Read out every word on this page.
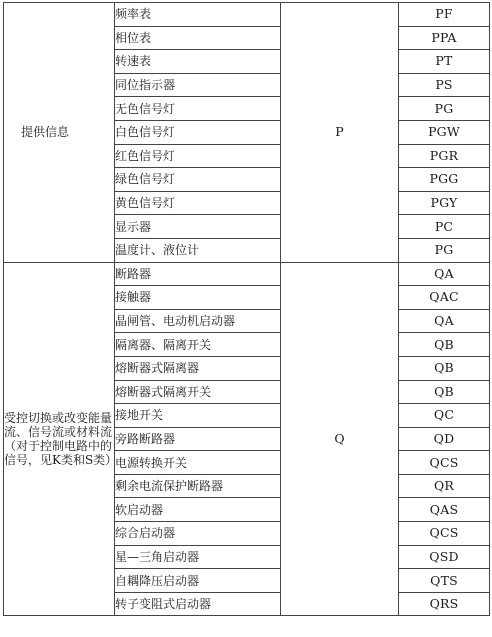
提供信息	频率表	P	PF
	相位表		PPA
	转速表		PT
	同位指示器		PS
	无色信号灯		PG
	白色信号灯		PGW
	红色信号灯		PGR
	绿色信号灯		PGG
	黄色信号灯		PGY
	显示器		PC
	温度计、液位计		PG
受控切换或改变能量流、信号流或材料流（对于控制电路中的信号，见K类和S类）	断路器	Q	QA
	接触器		QAC
	晶闸管、电动机启动器		QA
	隔离器、隔离开关		QB
	熔断器式隔离器		QB
	熔断器式隔离开关		QB
	接地开关		QC
	旁路断路器		QD
	电源转换开关		QCS
	剩余电流保护断路器		QR
	软启动器		QAS
	综合启动器		QCS
	星—三角启动器		QSD
	自耦降压启动器		QTS
	转子变阻式启动器		QRS
